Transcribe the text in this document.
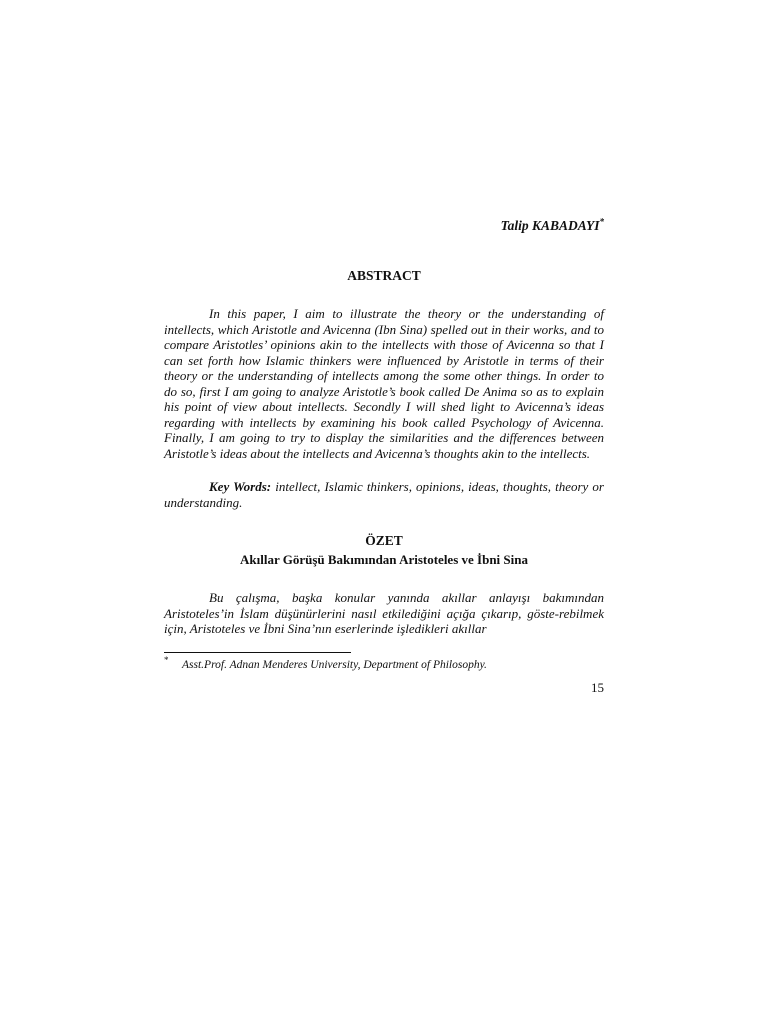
Talip KABADAYI*
ABSTRACT

In this paper, I aim to illustrate the theory or the understanding of intellects, which Aristotle and Avicenna (Ibn Sina) spelled out in their works, and to compare Aristotles’ opinions akin to the intellects with those of Avicenna so that I can set forth how Islamic thinkers were influenced by Aristotle in terms of their theory or the understanding of intellects among the some other things. In order to do so, first I am going to analyze Aristotle’s book called De Anima so as to explain his point of view about intellects. Secondly I will shed light to Avicenna’s ideas regarding with intellects by examining his book called Psychology of Avicenna. Finally, I am going to try to display the similarities and the differences between Aristotle’s ideas about the intellects and Avicenna’s thoughts akin to the intellects.

Key Words: intellect, Islamic thinkers, opinions, ideas, thoughts, theory or understanding.

ÖZET
Akıllar Görüşü Bakımından Aristoteles ve İbni Sina

Bu çalışma, başka konular yanında akıllar anlayışı bakımından Aristoteles’in İslam düşünürlerini nasıl etkilediğini açığa çıkarıp, göste-rebilmek için, Aristoteles ve İbni Sina’nın eserlerinde işledikleri akıllar

* Asst.Prof. Adnan Menderes University, Department of Philosophy.
15
